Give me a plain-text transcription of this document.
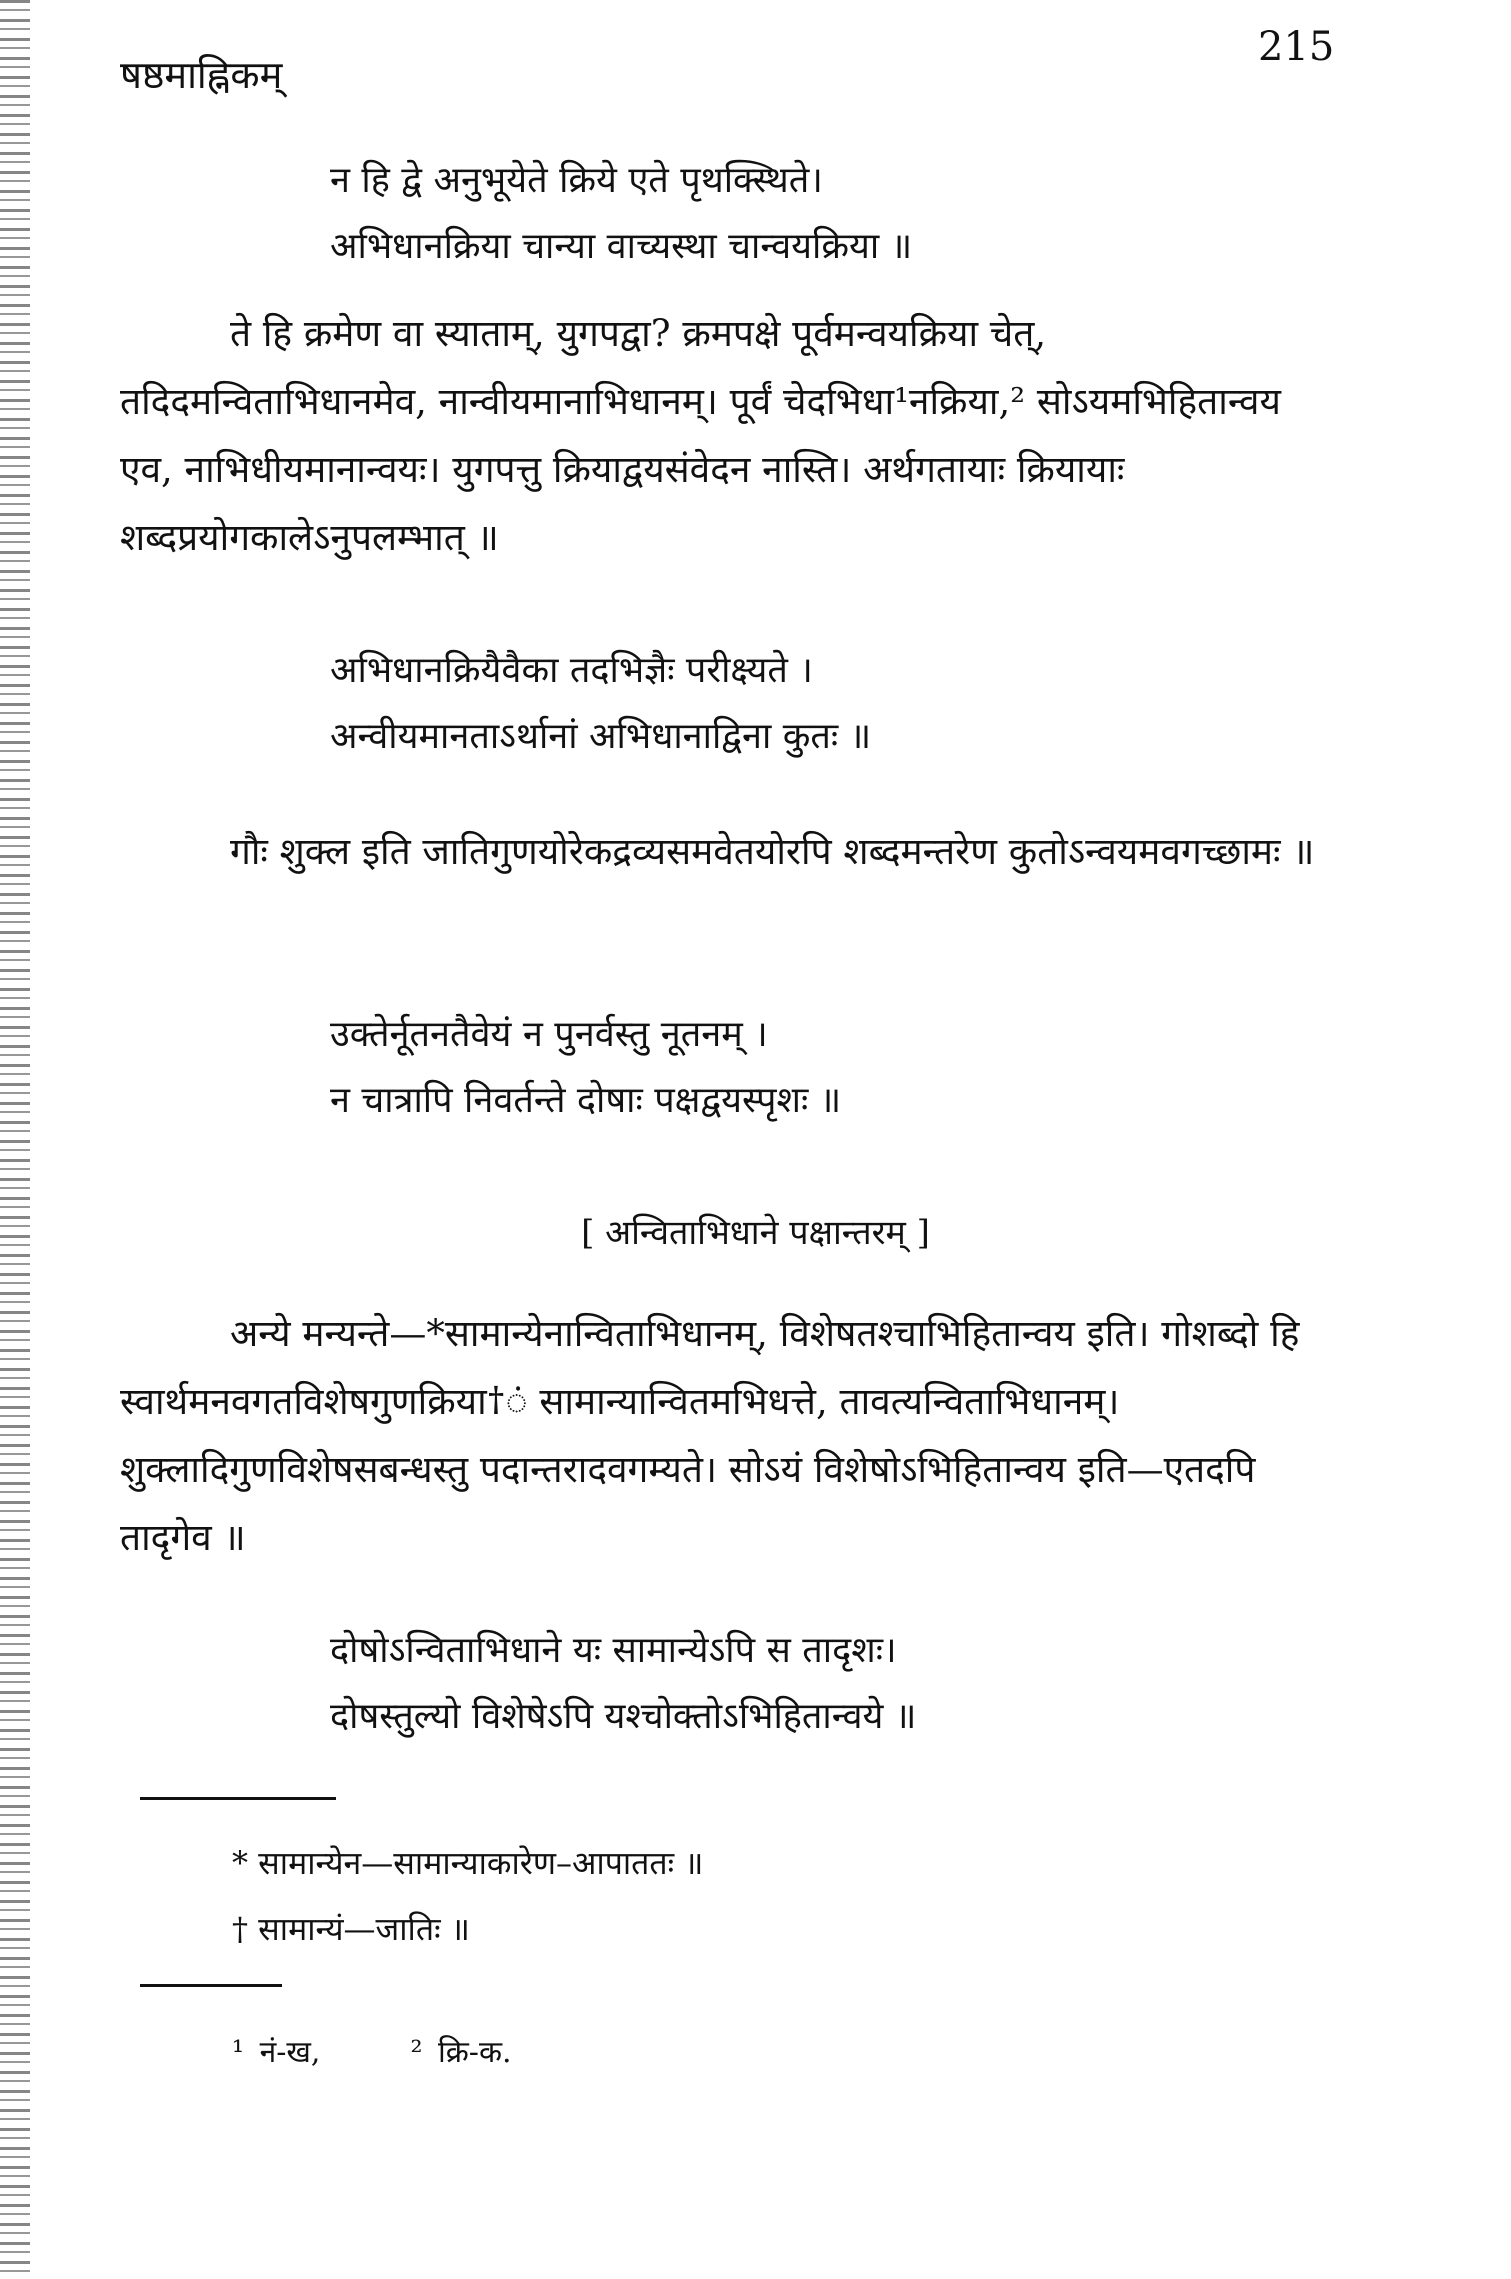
षष्ठमाह्निकम्
215
न हि द्वे अनुभूयेते क्रिये एते पृथक्स्थिते।
अभिधानक्रिया चान्या वाच्यस्था चान्वयक्रिया ॥

ते हि क्रमेण वा स्याताम्, युगपद्वा? क्रमपक्षे पूर्वमन्वयक्रिया चेत्, तदिदमन्विताभिधानमेव, नान्वीयमानाभिधानम्। पूर्वं चेदभिधा¹नक्रिया,² सोऽयमभिहितान्वय एव, नाभिधीयमानान्वयः। युगपत्तु क्रियाद्वयसंवेदन नास्ति। अर्थगतायाः क्रियायाः शब्दप्रयोगकालेऽनुपलम्भात् ॥

अभिधानक्रियैवैका तदभिज्ञैः परीक्ष्यते ।
अन्वीयमानताऽर्थानां अभिधानाद्विना कुतः ॥

गौः शुक्ल इति जातिगुणयोरेकद्रव्यसमवेतयोरपि शब्दमन्तरेण कुतोऽन्वयमवगच्छामः ॥

उक्तेर्नूतनतैवेयं न पुनर्वस्तु नूतनम् ।
न चात्रापि निवर्तन्ते दोषाः पक्षद्वयस्पृशः ॥
[ अन्विताभिधाने पक्षान्तरम् ]

अन्ये मन्यन्ते—*सामान्येनान्विताभिधानम्, विशेषतश्चाभिहितान्वय इति। गोशब्दो हि स्वार्थमनवगतविशेषगुणक्रिया†ं सामान्यान्वितमभिधत्ते, तावत्यन्विताभिधानम्। शुक्लादिगुणविशेषसबन्धस्तु पदान्तरादवगम्यते। सोऽयं विशेषोऽभिहितान्वय इति—एतदपि तादृगेव ॥

दोषोऽन्विताभिधाने यः सामान्येऽपि स तादृशः।
दोषस्तुल्यो विशेषेऽपि यश्चोक्तोऽभिहितान्वये ॥
* सामान्येन—सामान्याकारेण–आपाततः ॥
† सामान्यं—जातिः ॥
¹ नं-ख,	² क्रि-क.
